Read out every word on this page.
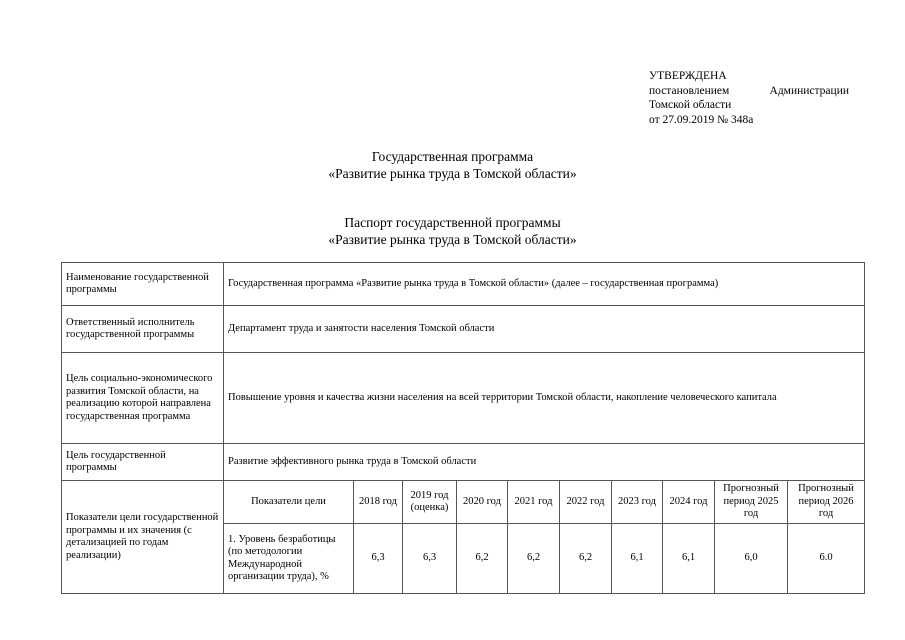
УТВЕРЖДЕНА
постановлением	Администрации
Томской области
от 27.09.2019 № 348а
Государственная программа
«Развитие рынка труда в Томской области»
Паспорт государственной программы
«Развитие рынка труда в Томской области»
Наименование государственной программы	Государственная программа «Развитие рынка труда в Томской области» (далее – государственная программа)									
Ответственный исполнитель государственной программы	Департамент труда и занятости населения Томской области									
Цель социально-экономического развития Томской области, на реализацию которой направлена государственная программа	Повышение уровня и качества жизни населения на всей территории Томской области, накопление человеческого капитала									
Цель государственной программы	Развитие эффективного рынка труда в Томской области									
Показатели цели государственной программы и их значения (с детализацией по годам реализации)	Показатели цели	2018 год	2019 год (оценка)	2020 год	2021 год	2022 год	2023 год	2024 год	Прогнозный период 2025 год	Прогнозный период 2026 год
	1. Уровень безработицы (по методологии Международной организации труда), %	6,3	6,3	6,2	6,2	6,2	6,1	6,1	6,0	6.0
